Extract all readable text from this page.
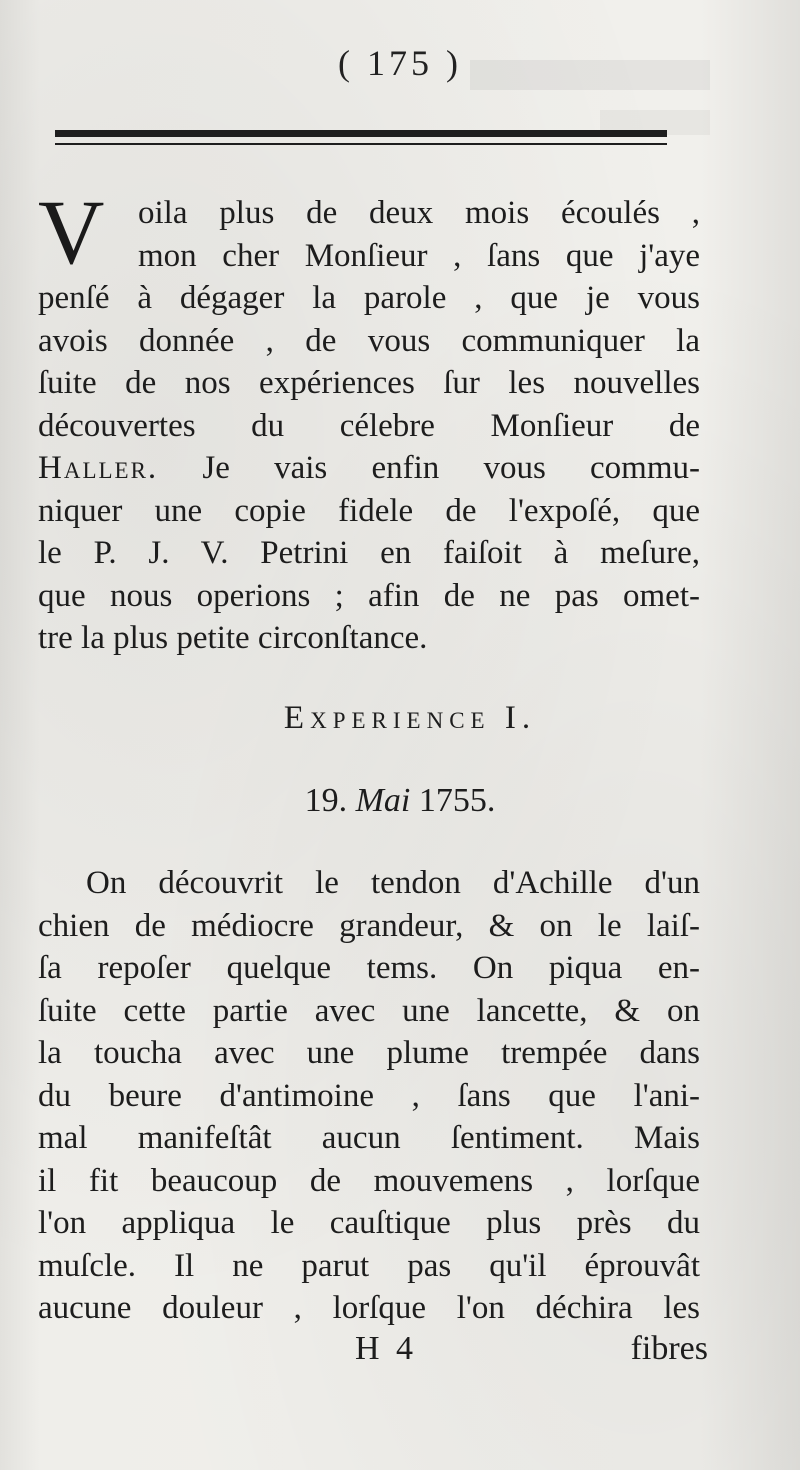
( 175 )
V	oila plus de deux mois écoulés ,
mon cher Monſieur , ſans que j'aye
penſé à dégager la parole , que je vous
avois donnée , de vous communiquer la
ſuite de nos expériences ſur les nouvelles
découvertes du célebre Monſieur de
Haller. Je vais enfin vous commu-
niquer une copie fidele de l'expoſé, que
le P. J. V. Petrini en faiſoit à meſure,
que nous operions ; afin de ne pas omet-
tre la plus petite circonſtance.
Experience I.
19. Mai 1755.
On découvrit le tendon d'Achille d'un
chien de médiocre grandeur, & on le laiſ-
ſa repoſer quelque tems. On piqua en-
ſuite cette partie avec une lancette, & on
la toucha avec une plume trempée dans
du beure d'antimoine , ſans que l'ani-
mal manifeſtât aucun ſentiment. Mais
il fit beaucoup de mouvemens , lorſque
l'on appliqua le cauſtique plus près du
muſcle. Il ne parut pas qu'il éprouvât
aucune douleur , lorſque l'on déchira les
H 4	fibres
